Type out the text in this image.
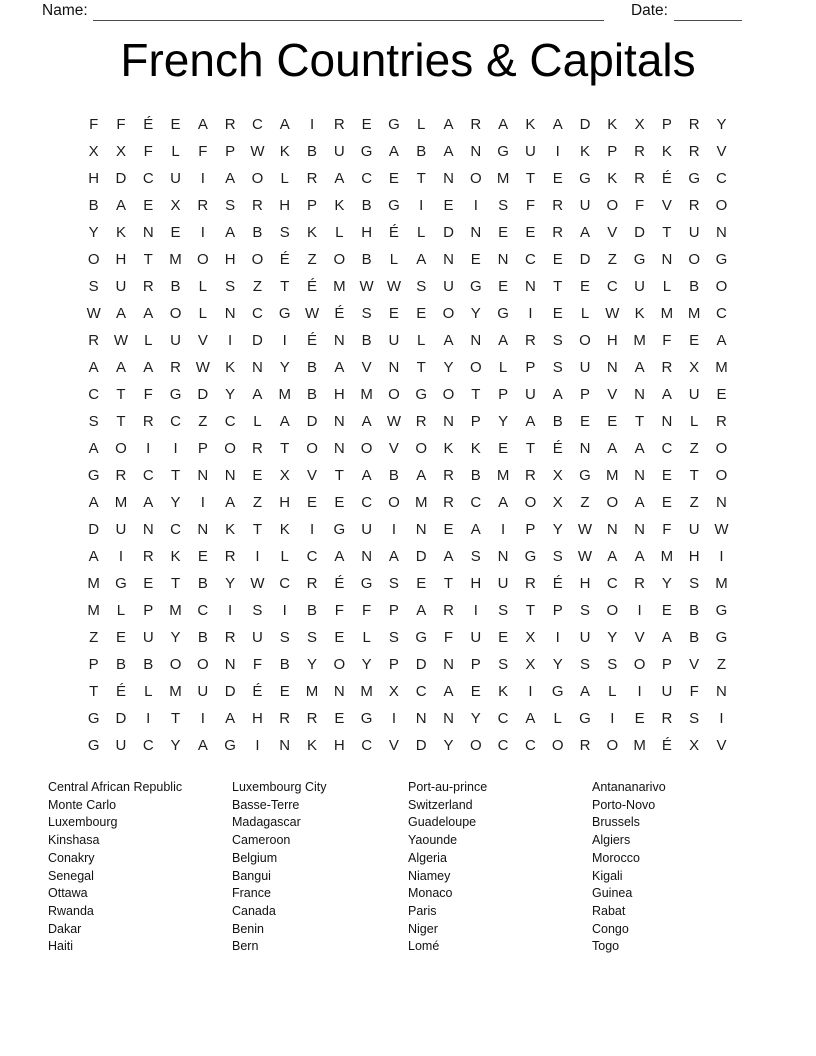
Name:	Date:
French Countries & Capitals
F	F	É	E	A	R	C	A	I	R	E	G	L	A	R	A	K	A	D	K	X	P	R	Y
X	X	F	L	F	P	W	K	B	U	G	A	B	A	N	G	U	I	K	P	R	K	R	V
H	D	C	U	I	A	O	L	R	A	C	E	T	N	O	M	T	E	G	K	R	É	G	C
B	A	E	X	R	S	R	H	P	K	B	G	I	E	I	S	F	R	U	O	F	V	R	O
Y	K	N	E	I	A	B	S	K	L	H	É	L	D	N	E	E	R	A	V	D	T	U	N
O	H	T	M	O	H	O	É	Z	O	B	L	A	N	E	N	C	E	D	Z	G	N	O	G
S	U	R	B	L	S	Z	T	É	M W W	S	U	G	E	N	T	E	C	U	L	B	O
W	A	A	O	L	N	C	G W	É	S	E	E	O	Y	G	I	E	L	W	K	M M	C
R W	L	U	V	I	D	I	É	N	B	U	L	A	N	A	R	S	O	H	M	F	E	A
A	A	A	R W	K	N	Y	B	A	V	N	T	Y	O	L	P	S	U	N	A	R	X	M
C	T	F	G	D	Y	A	M	B	H	M	O	G	O	T	P	U	A	P	V	N	A	U	E
S	T	R	C	Z	C	L	A	D	N	A	W R	N	P	Y	A	B	E	E	T	N	L	R
A	O	I	I	P	O	R	T	O	N	O	V	O	K	K	E	T	É	N	A	A	C	Z	O
G	R	C	T	N	N	E	X	V	T	A	B	A	R	B	M	R	X	G	M	N	E	T	O
A	M	A	Y	I	A	Z	H	E	E	C	O	M	R	C	A	O	X	Z	O	A	E	Z	N
D	U	N	C	N	K	T	K	I	G	U	I	N	E	A	I	P	Y	W N	N	F	U W
A	I	R	K	E	R	I	L	C	A	N	A	D	A	S	N	G	S	W	A	A	M	H	I
M	G	E	T	B	Y	W C	R	É	G	S	E	T	H	U	R	É	H	C	R	Y	S	M
M	L	P	M	C	I	S	I	B	F	F	P	A	R	I	S	T	P	S	O	I	E	B	G
Z	E	U	Y	B	R	U	S	S	E	L	S	G	F	U	E	X	I	U	Y	V	A	B	G
P	B	B	O	O	N	F	B	Y	O	Y	P	D	N	P	S	X	Y	S	S	O	P	V	Z
T	É	L	M	U	D	É	E	M	N	M	X	C	A	E	K	I	G	A	L	I	U	F	N
G	D	I	T	I	A	H	R	R	E	G	I	N	N	Y	C	A	L	G	I	E	R	S	I
G	U	C	Y	A	G	I	N	K	H	C	V	D	Y	O	C	C	O	R	O	M	É	X	V
Central African Republic
Monte Carlo
Luxembourg
Kinshasa
Conakry
Senegal
Ottawa
Rwanda
Dakar
Haiti
Luxembourg City
Basse-Terre
Madagascar
Cameroon
Belgium
Bangui
France
Canada
Benin
Bern
Port-au-prince
Switzerland
Guadeloupe
Yaounde
Algeria
Niamey
Monaco
Paris
Niger
Lomé
Antananarivo
Porto-Novo
Brussels
Algiers
Morocco
Kigali
Guinea
Rabat
Congo
Togo
